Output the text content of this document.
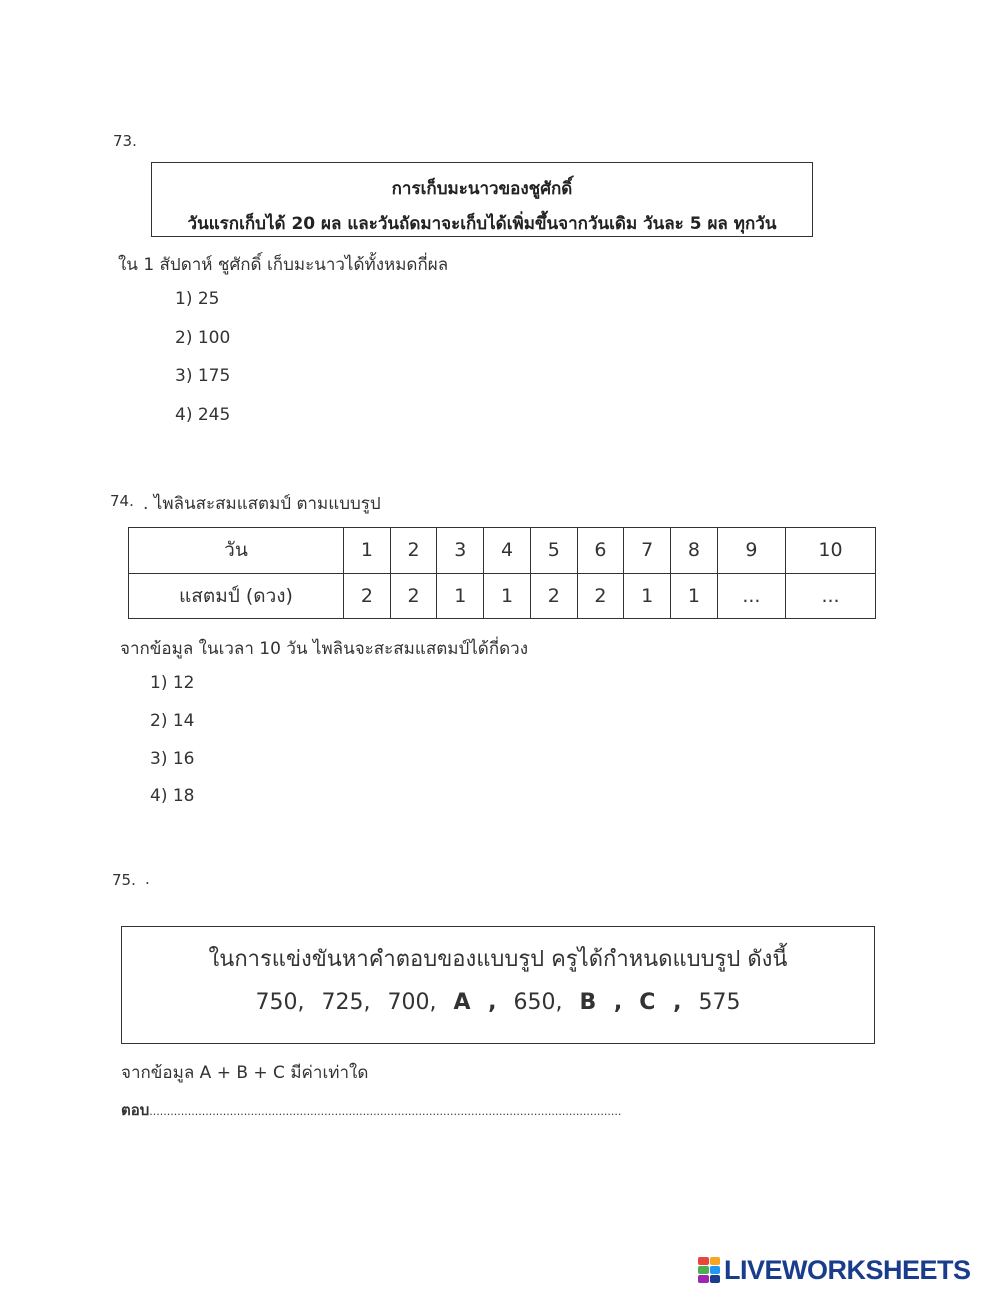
73.
การเก็บมะนาวของชูศักดิ์
วันแรกเก็บได้ 20 ผล และวันถัดมาจะเก็บได้เพิ่มขึ้นจากวันเดิม วันละ 5 ผล ทุกวัน
ใน 1 สัปดาห์ ชูศักดิ์ เก็บมะนาวได้ทั้งหมดกี่ผล
1) 25
2) 100
3) 175
4) 245
74. . ไพลินสะสมแสตมป์ ตามแบบรูป
วัน	1	2	3	4	5	6	7	8	9	10
แสตมป์ (ดวง)	2	2	1	1	2	2	1	1	...	...
จากข้อมูล ในเวลา 10 วัน ไพลินจะสะสมแสตมป์ได้กี่ดวง
1) 12
2) 14
3) 16
4) 18
75. .
ในการแข่งขันหาคำตอบของแบบรูป ครูได้กำหนดแบบรูป ดังนี้
750, 725, 700, A , 650, B , C , 575
จากข้อมูล A + B + C มีค่าเท่าใด
ตอบ.......................................................................................................................................
LIVEWORKSHEETS
